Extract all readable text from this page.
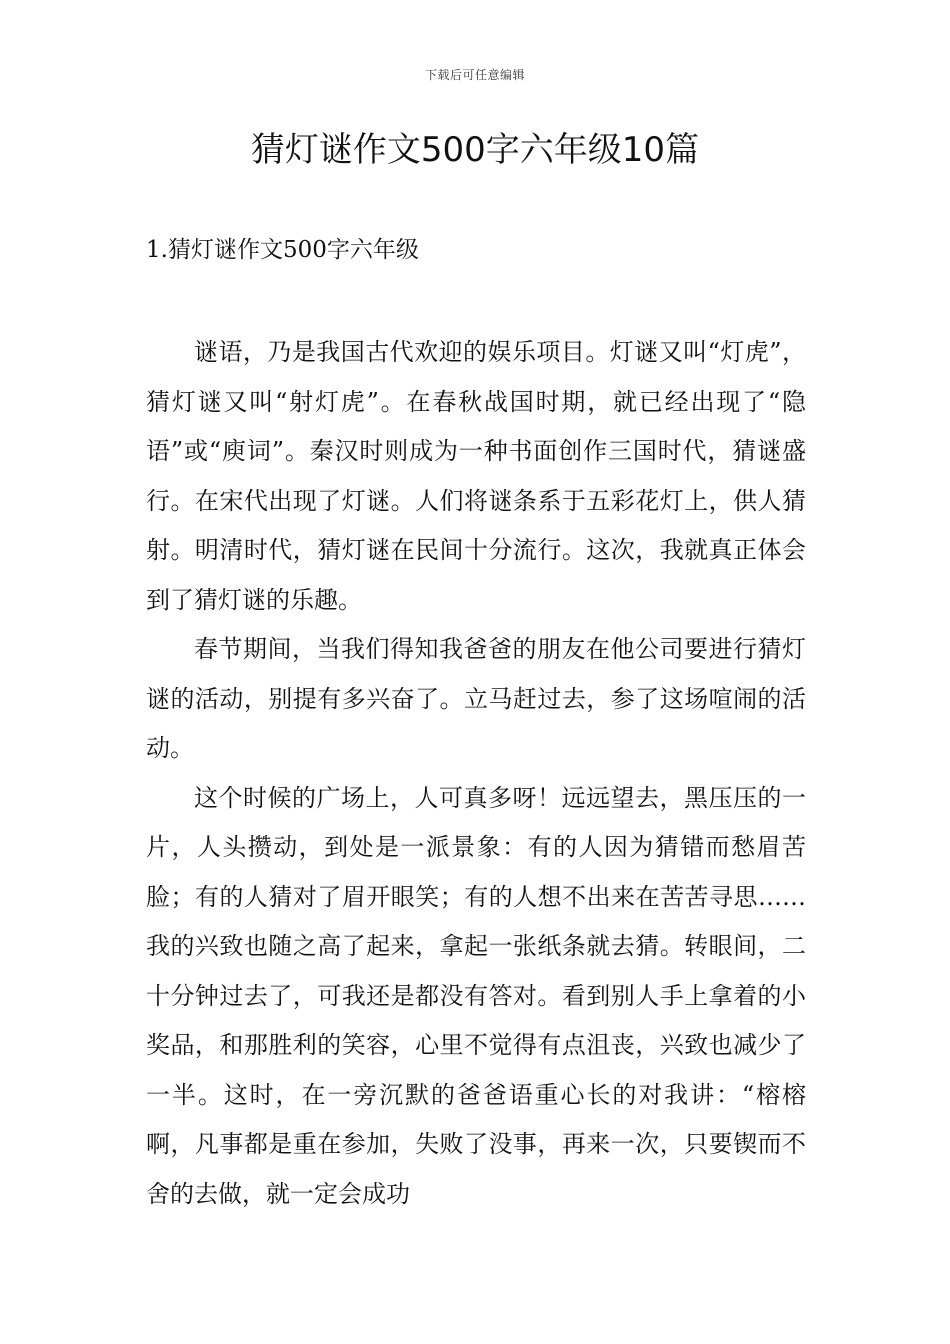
下载后可任意编辑
猜灯谜作文500字六年级10篇
1.猜灯谜作文500字六年级

谜语，乃是我国古代欢迎的娱乐项目。灯谜又叫“灯虎”，猜灯谜又叫“射灯虎”。在春秋战国时期，就已经出现了“隐语”或“庾词”。秦汉时则成为一种书面创作三国时代，猜谜盛行。在宋代出现了灯谜。人们将谜条系于五彩花灯上，供人猜射。明清时代，猜灯谜在民间十分流行。这次，我就真正体会到了猜灯谜的乐趣。

春节期间，当我们得知我爸爸的朋友在他公司要进行猜灯谜的活动，别提有多兴奋了。立马赶过去，参了这场喧闹的活动。

这个时候的广场上，人可真多呀！远远望去，黑压压的一片，人头攒动，到处是一派景象：有的人因为猜错而愁眉苦脸；有的人猜对了眉开眼笑；有的人想不出来在苦苦寻思……我的兴致也随之高了起来，拿起一张纸条就去猜。转眼间，二十分钟过去了，可我还是都没有答对。看到别人手上拿着的小奖品，和那胜利的笑容，心里不觉得有点沮丧，兴致也减少了一半。这时，在一旁沉默的爸爸语重心长的对我讲：“榕榕啊，凡事都是重在参加，失败了没事，再来一次，只要锲而不舍的去做，就一定会成功
